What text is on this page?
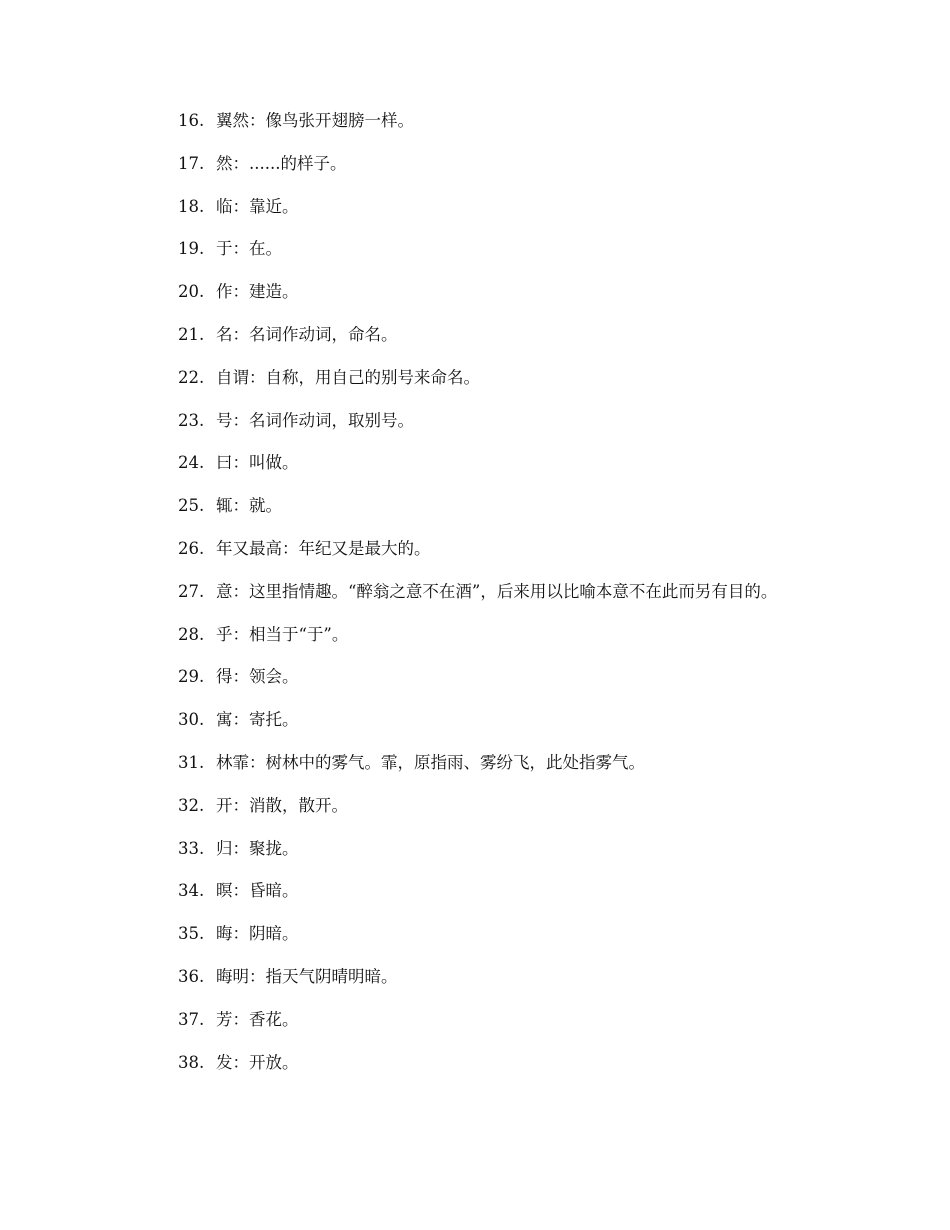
16. 翼然：像鸟张开翅膀一样。
17. 然：......的样子。
18. 临：靠近。
19. 于：在。
20. 作：建造。
21. 名：名词作动词，命名。
22. 自谓：自称，用自己的别号来命名。
23. 号：名词作动词，取别号。
24. 曰：叫做。
25. 辄：就。
26. 年又最高：年纪又是最大的。
27. 意：这里指情趣。“醉翁之意不在酒”，后来用以比喻本意不在此而另有目的。
28. 乎：相当于“于”。
29. 得：领会。
30. 寓：寄托。
31. 林霏：树林中的雾气。霏，原指雨、雾纷飞，此处指雾气。
32. 开：消散，散开。
33. 归：聚拢。
34. 暝：昏暗。
35. 晦：阴暗。
36. 晦明：指天气阴晴明暗。
37. 芳：香花。
38. 发：开放。
